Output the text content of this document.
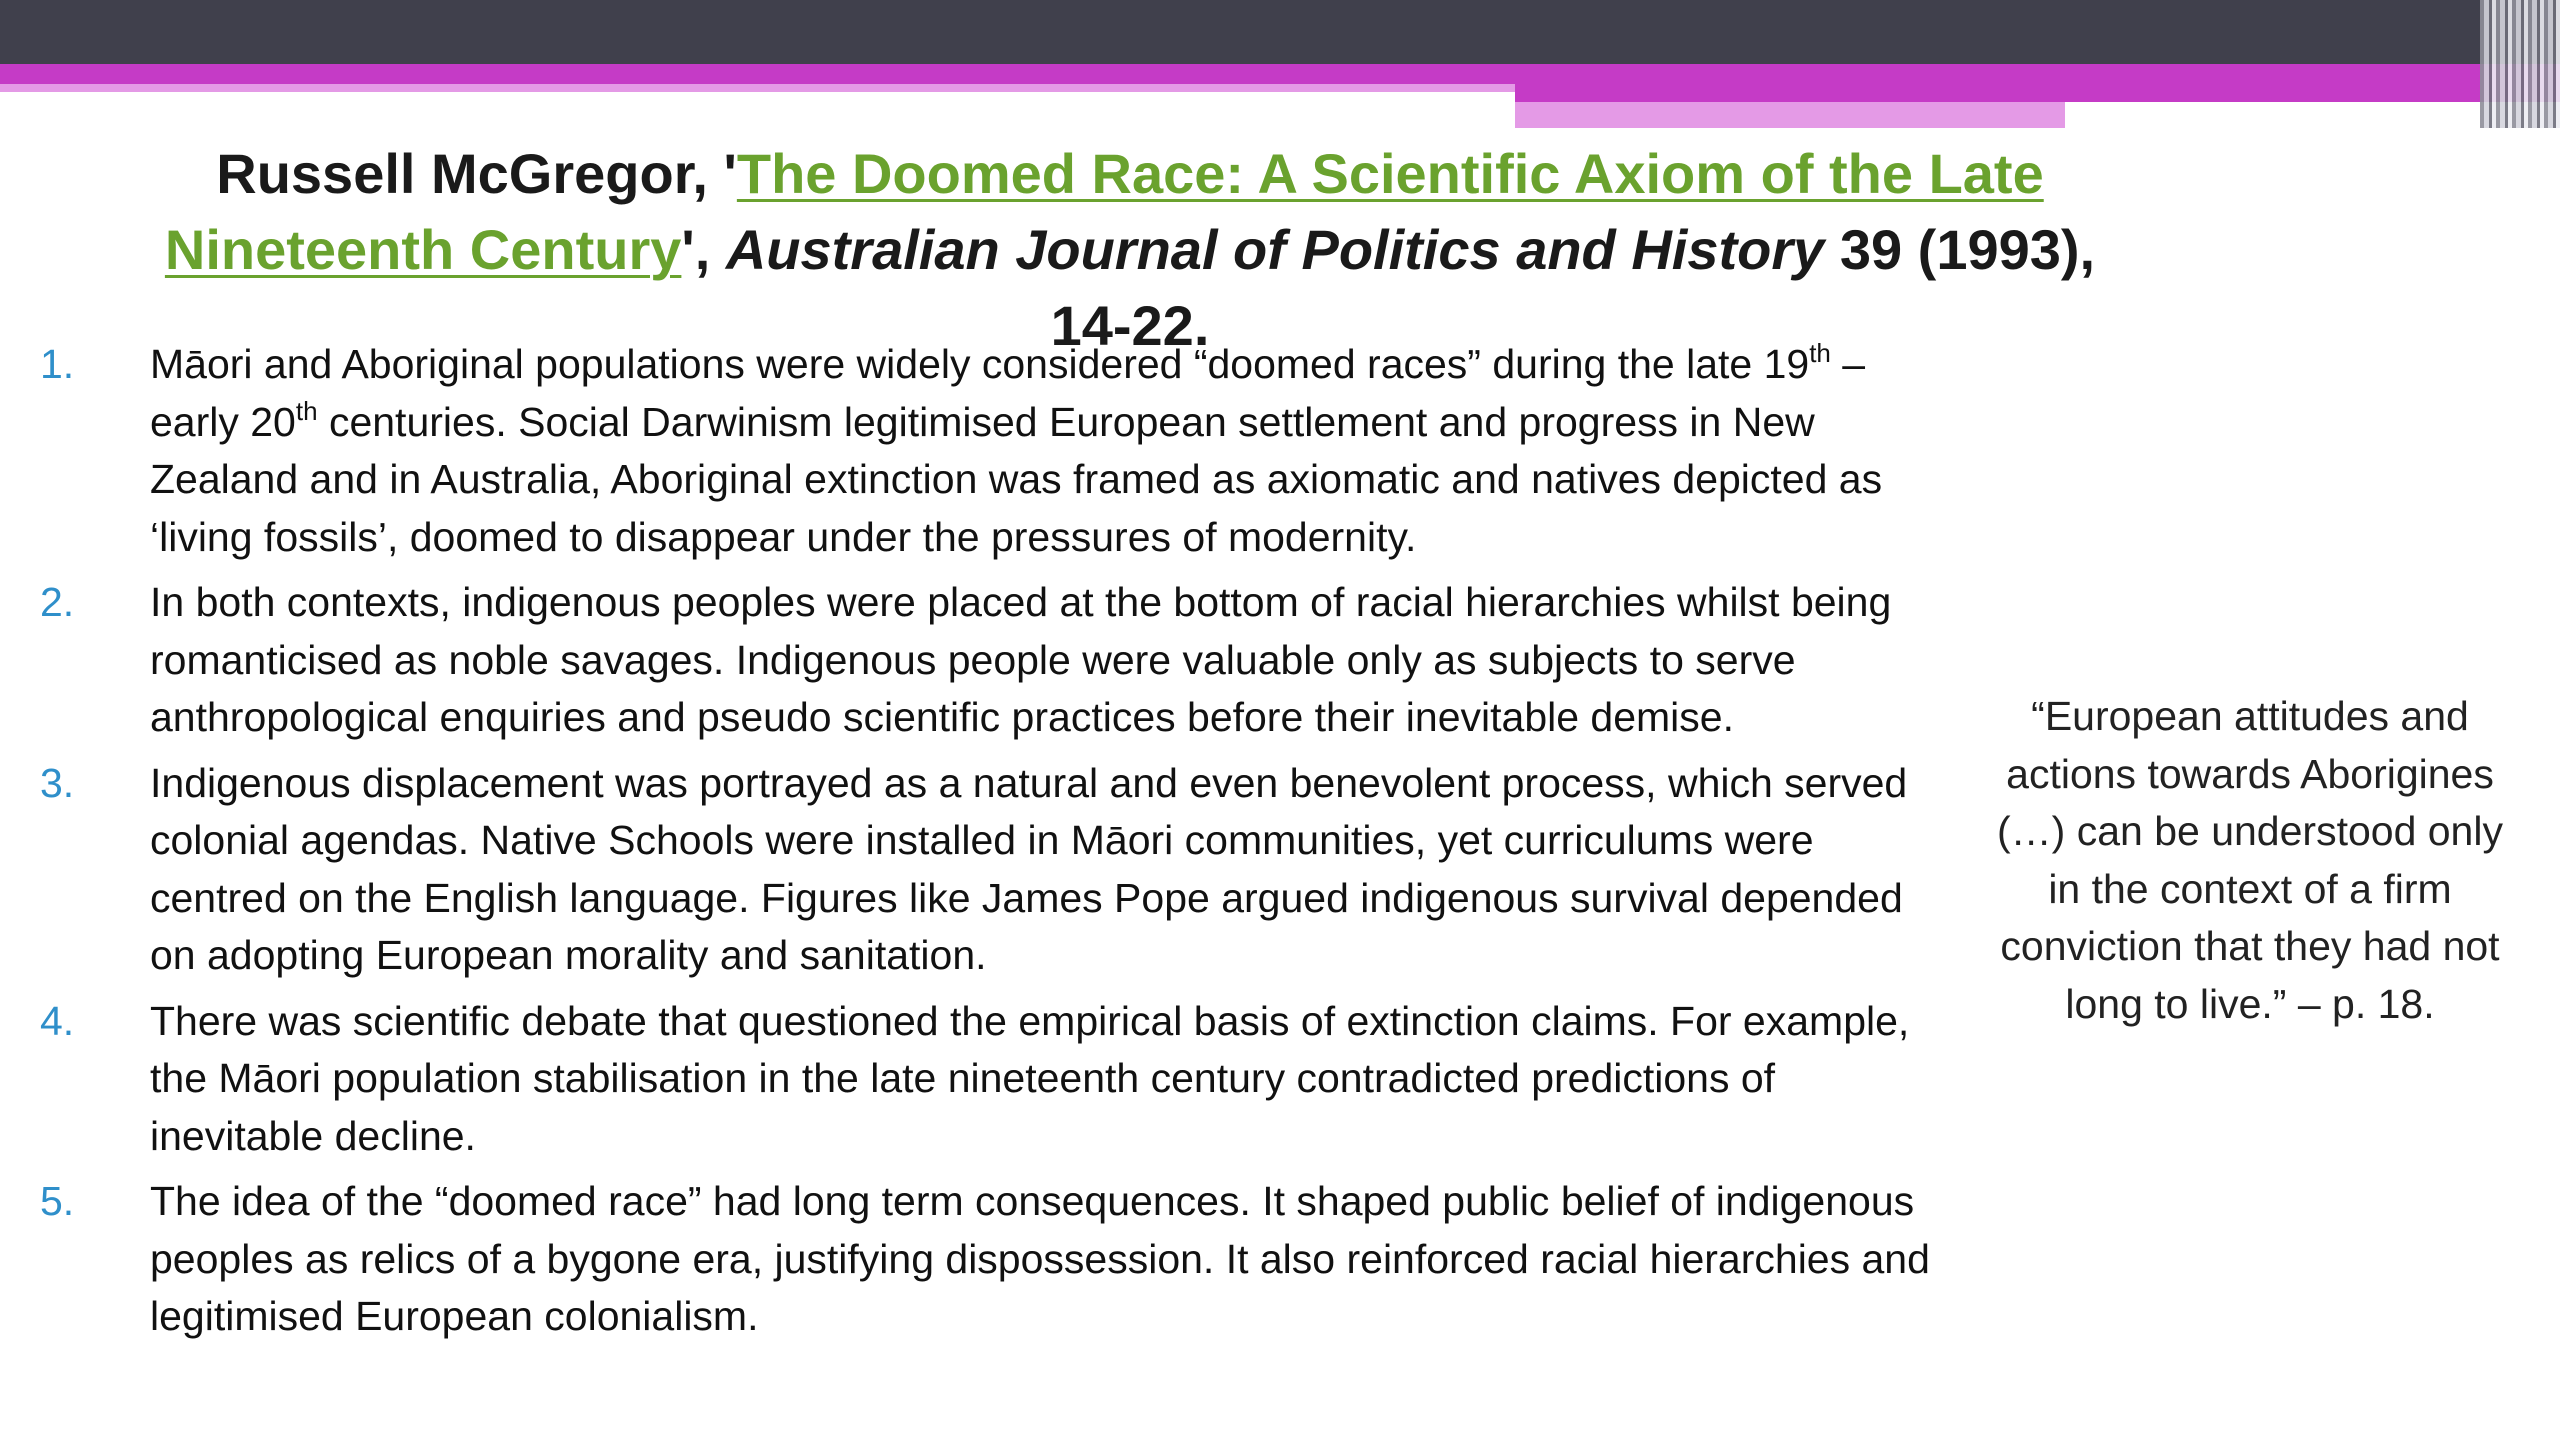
Russell McGregor, 'The Doomed Race: A Scientific Axiom of the Late Nineteenth Century', Australian Journal of Politics and History 39 (1993), 14-22.
1.	Māori and Aboriginal populations were widely considered “doomed races” during the late 19th – early 20th centuries. Social Darwinism legitimised European settlement and progress in New Zealand and in Australia, Aboriginal extinction was framed as axiomatic and natives depicted as ‘living fossils’, doomed to disappear under the pressures of modernity.
2.	In both contexts, indigenous peoples were placed at the bottom of racial hierarchies whilst being romanticised as noble savages. Indigenous people were valuable only as subjects to serve anthropological enquiries and pseudo scientific practices before their inevitable demise.
3.	Indigenous displacement was portrayed as a natural and even benevolent process, which served colonial agendas. Native Schools were installed in Māori communities, yet curriculums were centred on the English language. Figures like James Pope argued indigenous survival depended on adopting European morality and sanitation.
4.	There was scientific debate that questioned the empirical basis of extinction claims. For example, the Māori population stabilisation in the late nineteenth century contradicted predictions of inevitable decline.
5.	The idea of the “doomed race” had long term consequences. It shaped public belief of indigenous peoples as relics of a bygone era, justifying dispossession. It also reinforced racial hierarchies and legitimised European colonialism.
“European attitudes and actions towards Aborigines (…) can be understood only in the context of a firm conviction that they had not long to live.” – p. 18.
